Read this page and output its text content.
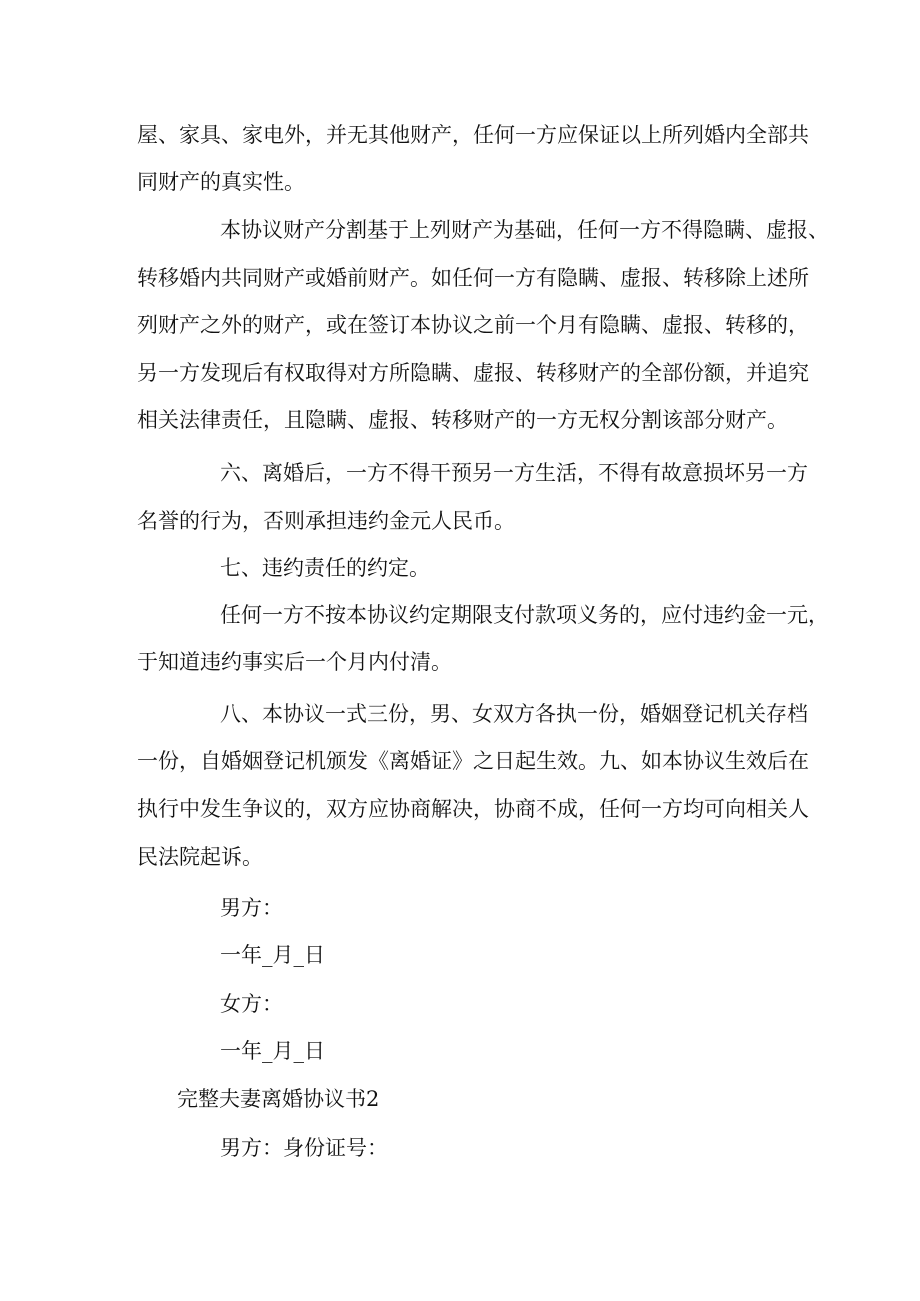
屋、家具、家电外，并无其他财产，任何一方应保证以上所列婚内全部共
同财产的真实性。
本协议财产分割基于上列财产为基础，任何一方不得隐瞒、虚报、
转移婚内共同财产或婚前财产。如任何一方有隐瞒、虚报、转移除上述所
列财产之外的财产，或在签订本协议之前一个月有隐瞒、虚报、转移的，
另一方发现后有权取得对方所隐瞒、虚报、转移财产的全部份额，并追究
相关法律责任，且隐瞒、虚报、转移财产的一方无权分割该部分财产。
六、离婚后，一方不得干预另一方生活，不得有故意损坏另一方
名誉的行为，否则承担违约金元人民币。
七、违约责任的约定。
任何一方不按本协议约定期限支付款项义务的，应付违约金一元，
于知道违约事实后一个月内付清。
八、本协议一式三份，男、女双方各执一份，婚姻登记机关存档
一份，自婚姻登记机颁发《离婚证》之日起生效。九、如本协议生效后在
执行中发生争议的，双方应协商解决，协商不成，任何一方均可向相关人
民法院起诉。
男方：
一年_月_日
女方：
一年_月_日
完整夫妻离婚协议书2
男方：身份证号：
